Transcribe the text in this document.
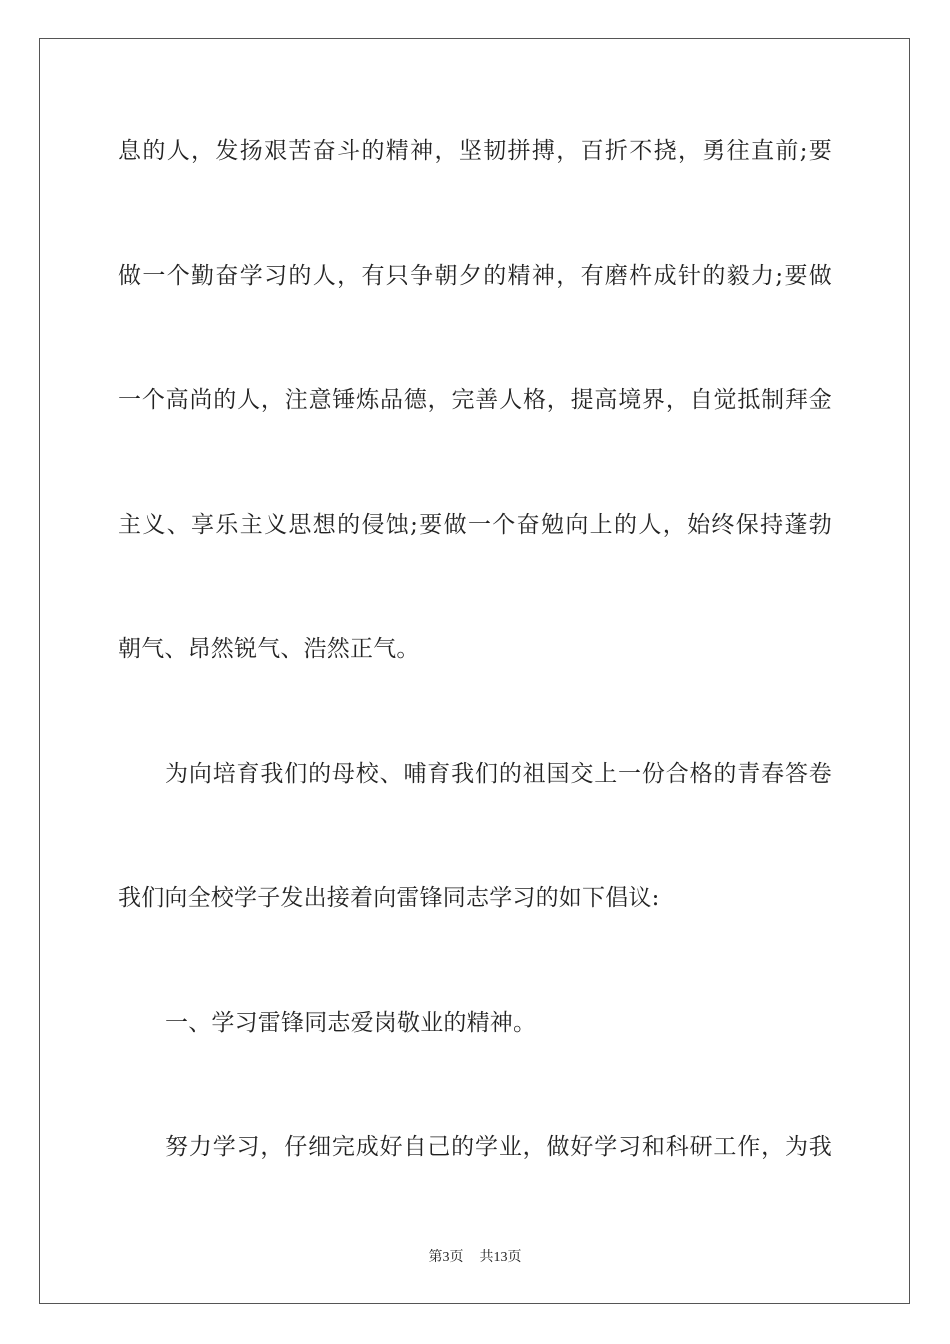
息的人，发扬艰苦奋斗的精神，坚韧拼搏，百折不挠，勇往直前;要
做一个勤奋学习的人，有只争朝夕的精神，有磨杵成针的毅力;要做
一个高尚的人，注意锤炼品德，完善人格，提高境界，自觉抵制拜金
主义、享乐主义思想的侵蚀;要做一个奋勉向上的人，始终保持蓬勃
朝气、昂然锐气、浩然正气。
为向培育我们的母校、哺育我们的祖国交上一份合格的青春答卷
我们向全校学子发出接着向雷锋同志学习的如下倡议:
一、学习雷锋同志爱岗敬业的精神。
努力学习，仔细完成好自己的学业，做好学习和科研工作，为我
第3页 共13页
